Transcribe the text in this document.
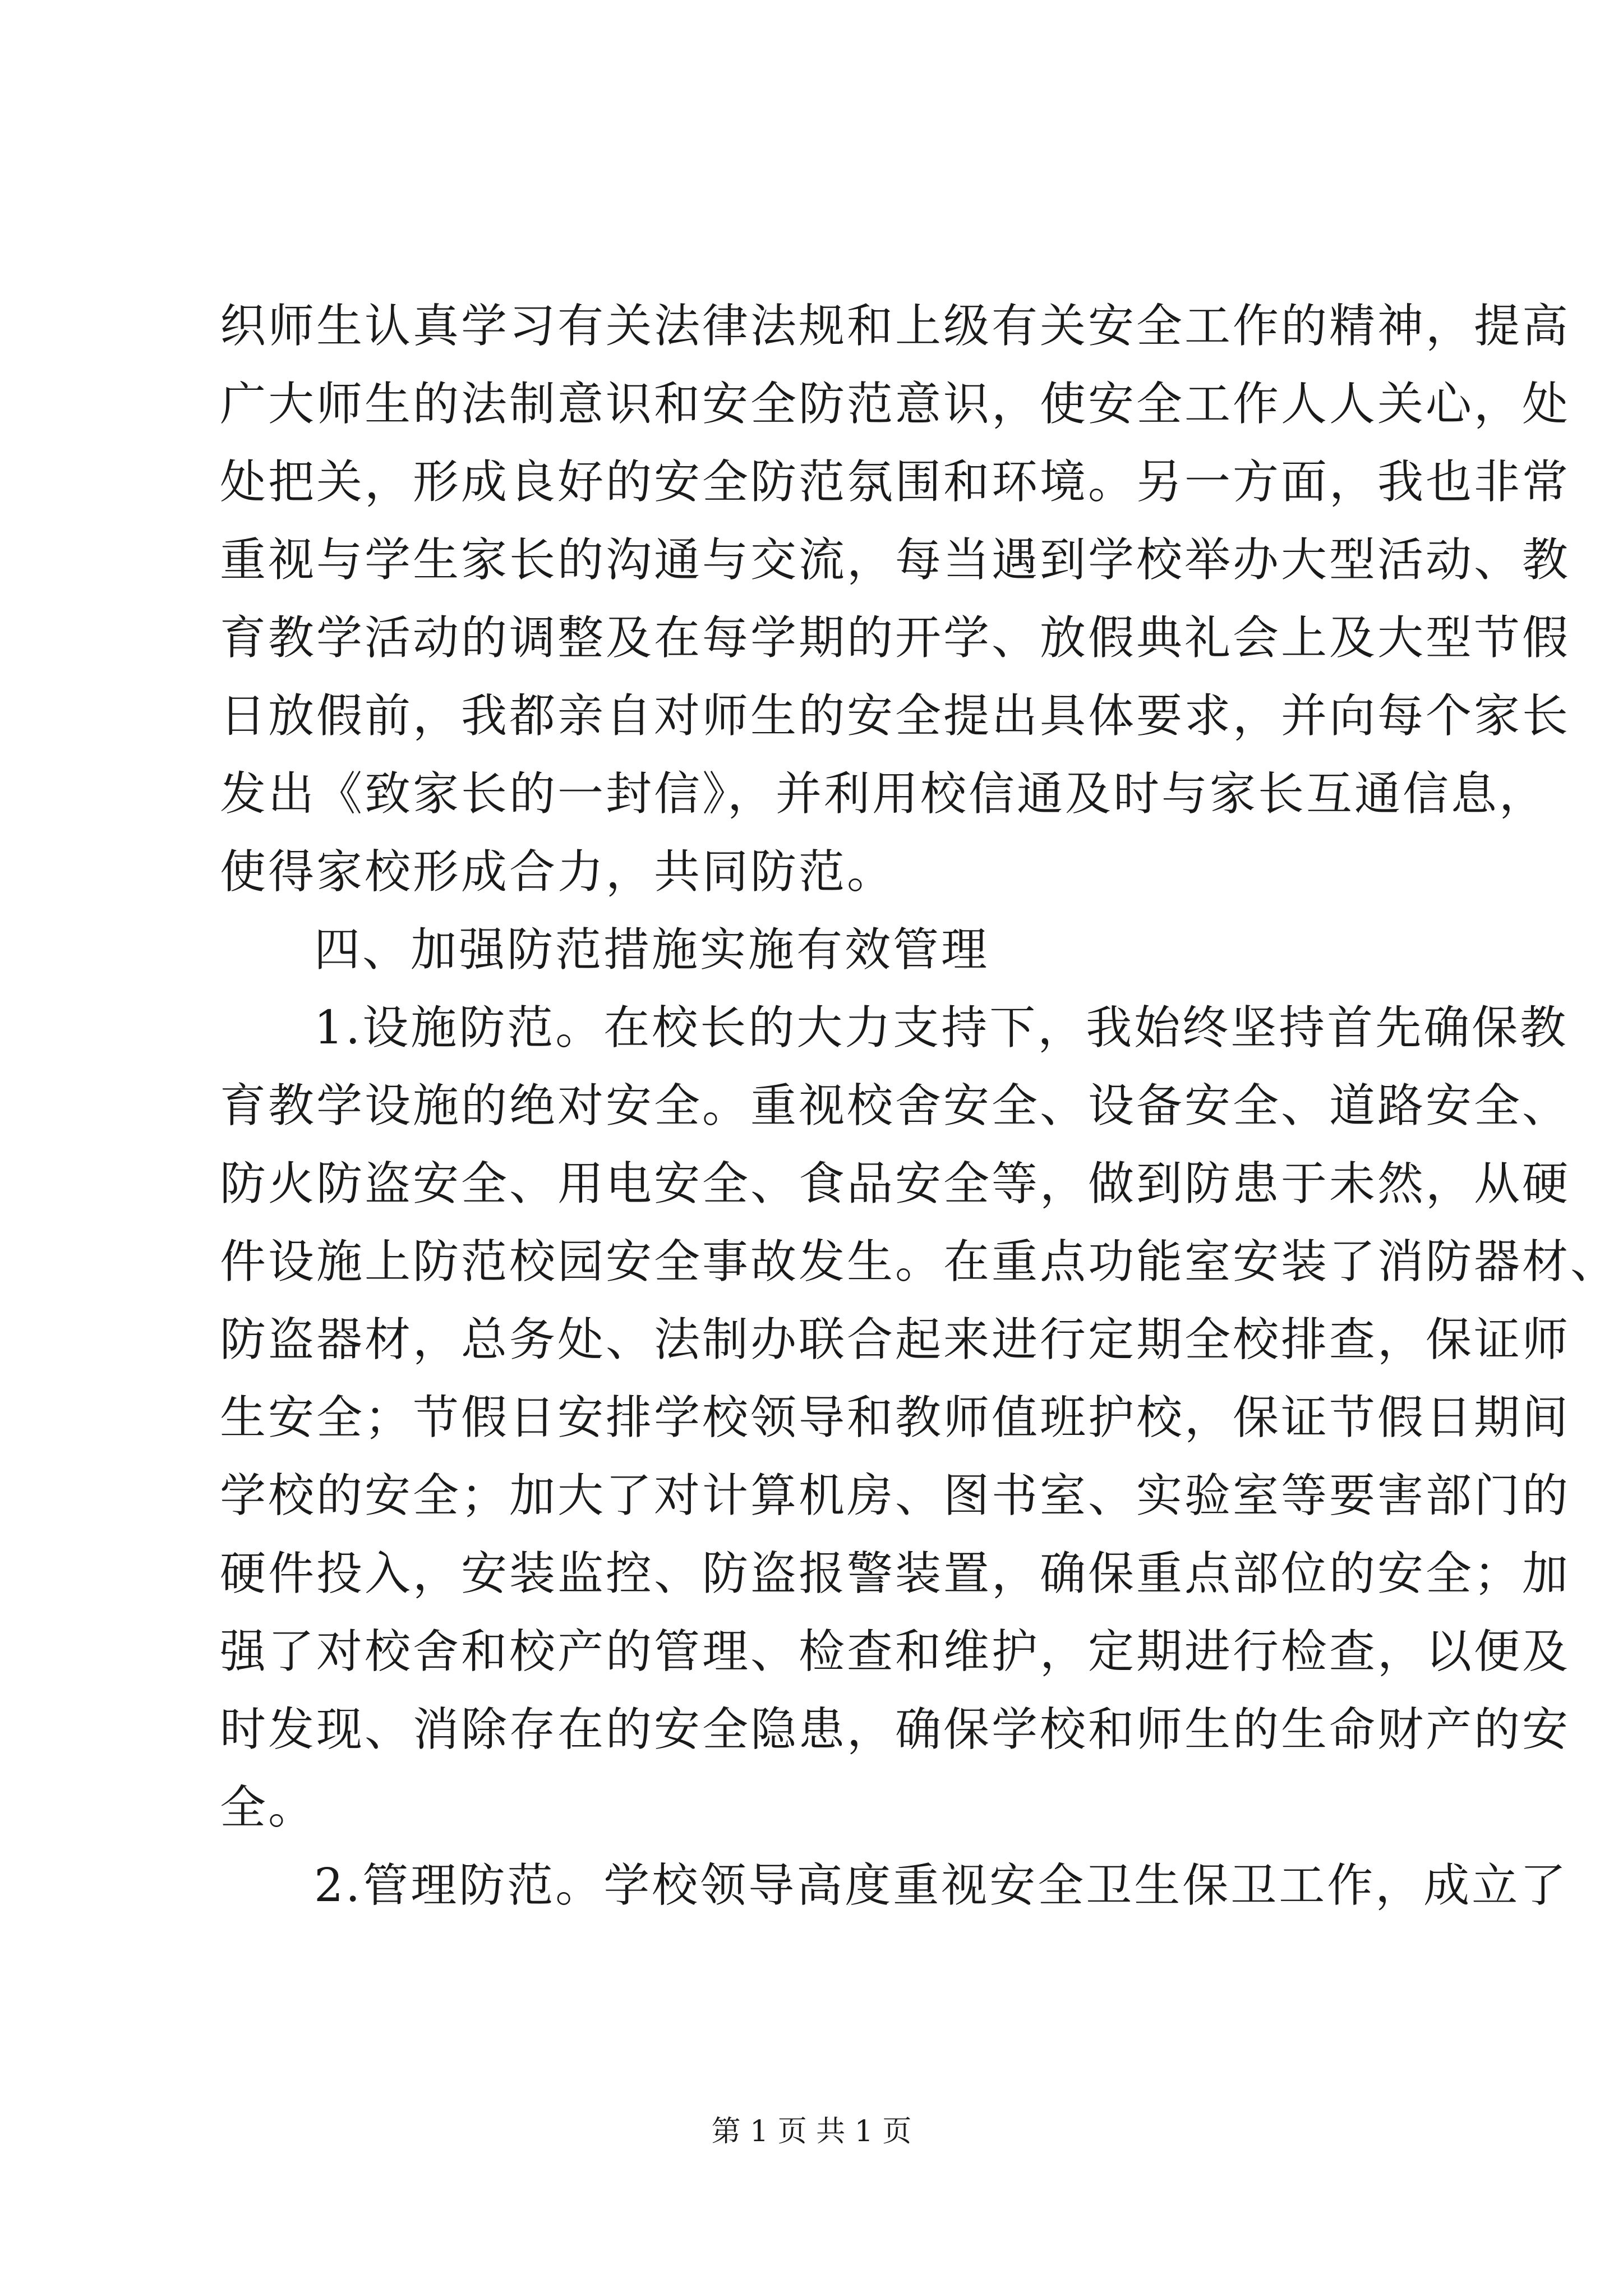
织师生认真学习有关法律法规和上级有关安全工作的精神，提高
广大师生的法制意识和安全防范意识，使安全工作人人关心，处
处把关，形成良好的安全防范氛围和环境。另一方面，我也非常
重视与学生家长的沟通与交流，每当遇到学校举办大型活动、教
育教学活动的调整及在每学期的开学、放假典礼会上及大型节假
日放假前，我都亲自对师生的安全提出具体要求，并向每个家长
发出《致家长的一封信》，并利用校信通及时与家长互通信息，
使得家校形成合力，共同防范。
四、加强防范措施实施有效管理
1.设施防范。在校长的大力支持下，我始终坚持首先确保教
育教学设施的绝对安全。重视校舍安全、设备安全、道路安全、
防火防盗安全、用电安全、食品安全等，做到防患于未然，从硬
件设施上防范校园安全事故发生。在重点功能室安装了消防器材、
防盗器材，总务处、法制办联合起来进行定期全校排查，保证师
生安全；节假日安排学校领导和教师值班护校，保证节假日期间
学校的安全；加大了对计算机房、图书室、实验室等要害部门的
硬件投入，安装监控、防盗报警装置，确保重点部位的安全；加
强了对校舍和校产的管理、检查和维护，定期进行检查，以便及
时发现、消除存在的安全隐患，确保学校和师生的生命财产的安
全。
2.管理防范。学校领导高度重视安全卫生保卫工作，成立了
第 1 页 共 1 页
